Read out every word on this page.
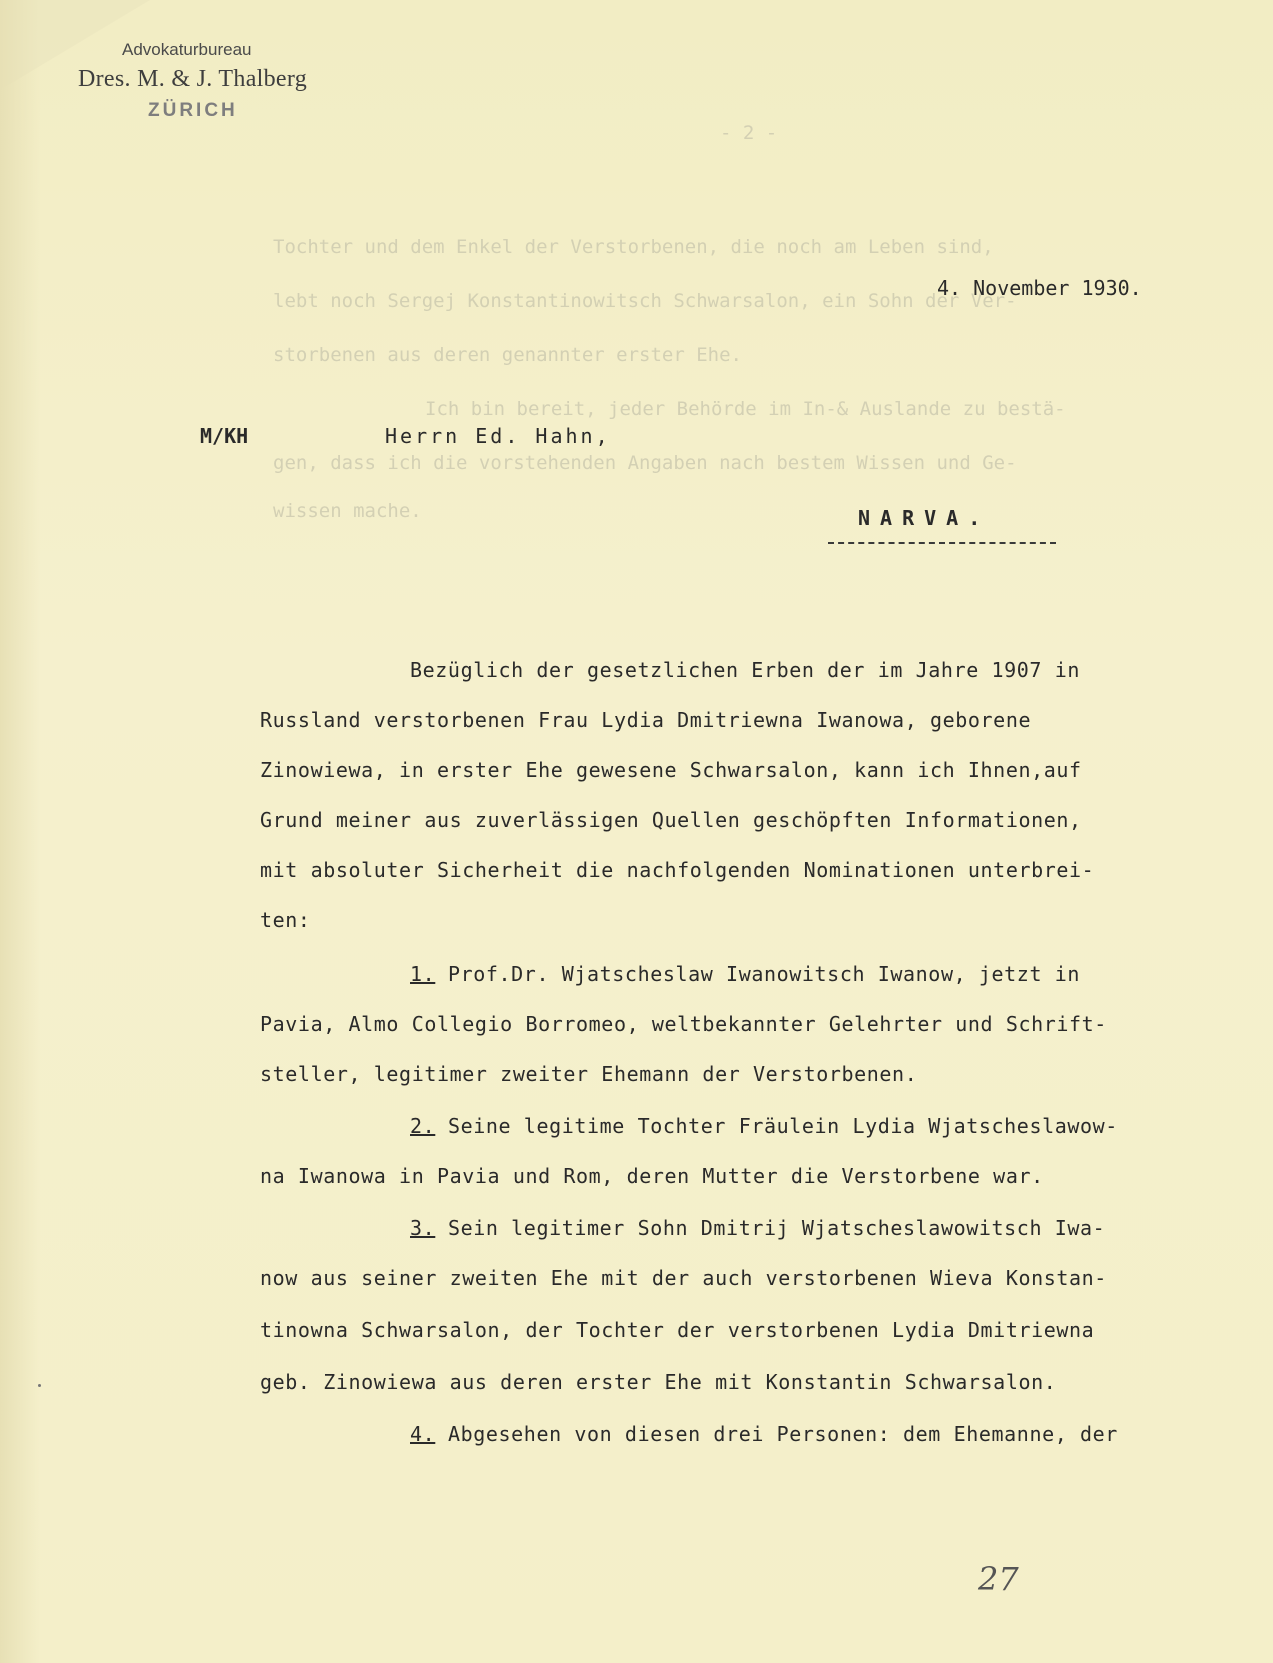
Advokaturbureau
Dres. M. & J. Thalberg
ZÜRICH
- 2 -
Tochter und dem Enkel der Verstorbenen, die noch am Leben sind,
lebt noch Sergej Konstantinowitsch Schwarsalon, ein Sohn der Ver-
storbenen aus deren genannter erster Ehe.
Ich bin bereit, jeder Behörde im In-& Auslande zu bestä-
gen, dass ich die vorstehenden Angaben nach bestem Wissen und Ge-
wissen mache.
4. November 1930.
M/KH	Herrn Ed. Hahn,
NARVA.
Bezüglich der gesetzlichen Erben der im Jahre 1907 in
Russland verstorbenen Frau Lydia Dmitriewna Iwanowa, geborene
Zinowiewa, in erster Ehe gewesene Schwarsalon, kann ich Ihnen,auf
Grund meiner aus zuverlässigen Quellen geschöpften Informationen,
mit absoluter Sicherheit die nachfolgenden Nominationen unterbrei-
ten:
1. Prof.Dr. Wjatscheslaw Iwanowitsch Iwanow, jetzt in
Pavia, Almo Collegio Borromeo, weltbekannter Gelehrter und Schrift-
steller, legitimer zweiter Ehemann der Verstorbenen.
2. Seine legitime Tochter Fräulein Lydia Wjatscheslawow-
na Iwanowa in Pavia und Rom, deren Mutter die Verstorbene war.
3. Sein legitimer Sohn Dmitrij Wjatscheslawowitsch Iwa-
now aus seiner zweiten Ehe mit der auch verstorbenen Wieva Konstan-
tinowna Schwarsalon, der Tochter der verstorbenen Lydia Dmitriewna
geb. Zinowiewa aus deren erster Ehe mit Konstantin Schwarsalon.
4. Abgesehen von diesen drei Personen: dem Ehemanne, der
27
